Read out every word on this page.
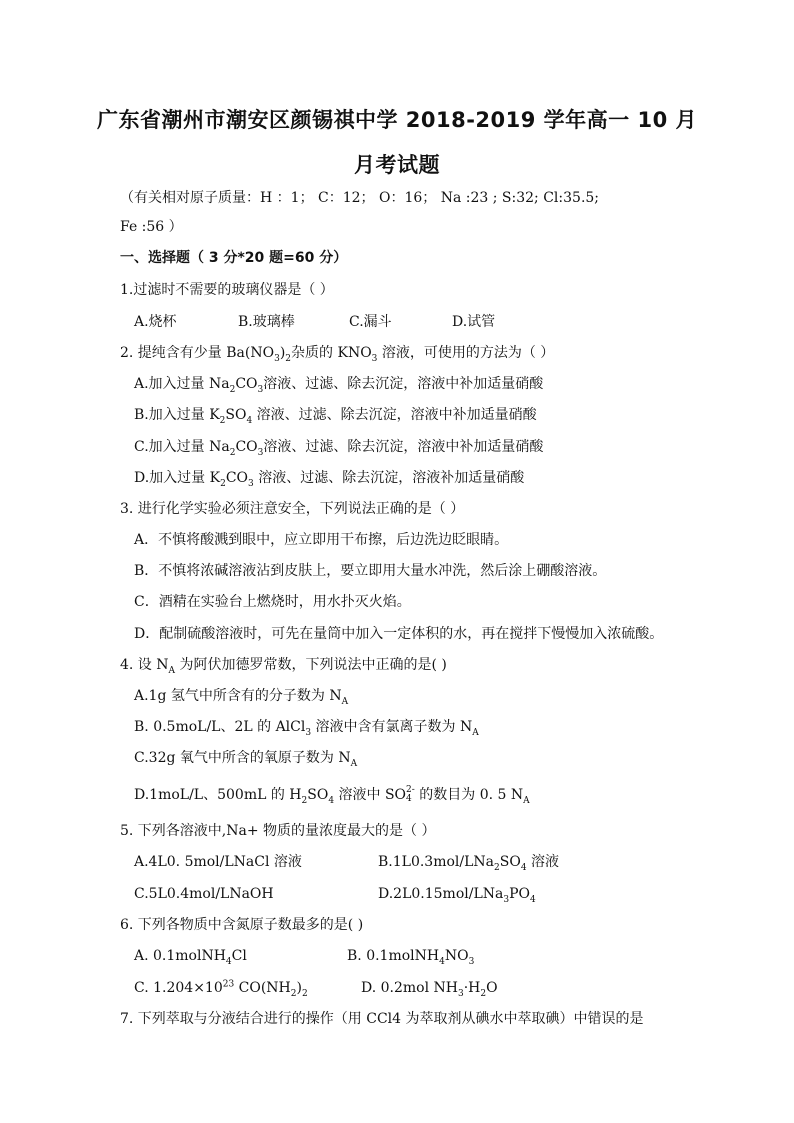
广东省潮州市潮安区颜锡祺中学 2018-2019 学年高一 10 月
月考试题
（有关相对原子质量：H ：1； C：12； O：16； Na :23 ; S:32; Cl:35.5;
Fe :56 ）
一、选择题（ 3 分*20 题=60 分）
1.过滤时不需要的玻璃仪器是（ ）
A.烧杯	B.玻璃棒	C.漏斗	D.试管
2. 提纯含有少量 $Ba(NO_3)_2$杂质的 $KNO_3$ 溶液，可使用的方法为（ ）
A.加入过量 $Na_2CO_3$溶液、过滤、除去沉淀，溶液中补加适量硝酸
B.加入过量 $K_2SO_4$ 溶液、过滤、除去沉淀，溶液中补加适量硝酸
C.加入过量 $Na_2CO_3$溶液、过滤、除去沉淀，溶液中补加适量硝酸
D.加入过量 $K_2CO_3$ 溶液、过滤、除去沉淀，溶液补加适量硝酸
3. 进行化学实验必须注意安全，下列说法正确的是（ ）
A．不慎将酸溅到眼中，应立即用干布擦，后边洗边眨眼睛。
B．不慎将浓碱溶液沾到皮肤上，要立即用大量水冲洗，然后涂上硼酸溶液。
C．酒精在实验台上燃烧时，用水扑灭火焰。
D．配制硫酸溶液时，可先在量筒中加入一定体积的水，再在搅拌下慢慢加入浓硫酸。
4. 设 $N_A$ 为阿伏加德罗常数，下列说法中正确的是( )
A.1g 氢气中所含有的分子数为 $N_A$
B. 0.5moL/L、2L 的 AlCl$_3$ 溶液中含有氯离子数为 $N_A$
C.32g 氧气中所含的氧原子数为 $N_A$
D.1moL/L、500mL 的 $H_2SO_4$ 溶液中 SO 2-
4 的数目为 0. 5 $N_A$
5. 下列各溶液中,Na+ 物质的量浓度最大的是（ ）
A.4L0. 5mol/LNaCl 溶液	$B.1L0.3mol/LNa_2SO_4$ 溶液
C.5L0.4mol/LNaOH	$D.2L0.15mol/LNa_3PO_4$
6. 下列各物质中含氮原子数最多的是( )
A. 0.1molNH$_4$Cl	B. $0.1molNH_4NO_3$
C. $1.204\times 10^{23}$ $CO(NH_2)_2$	D. 0.2mol $NH_3\cdot H_2O$
7. 下列萃取与分液结合进行的操作（用 CCl4 为萃取剂从碘水中萃取碘）中错误的是
